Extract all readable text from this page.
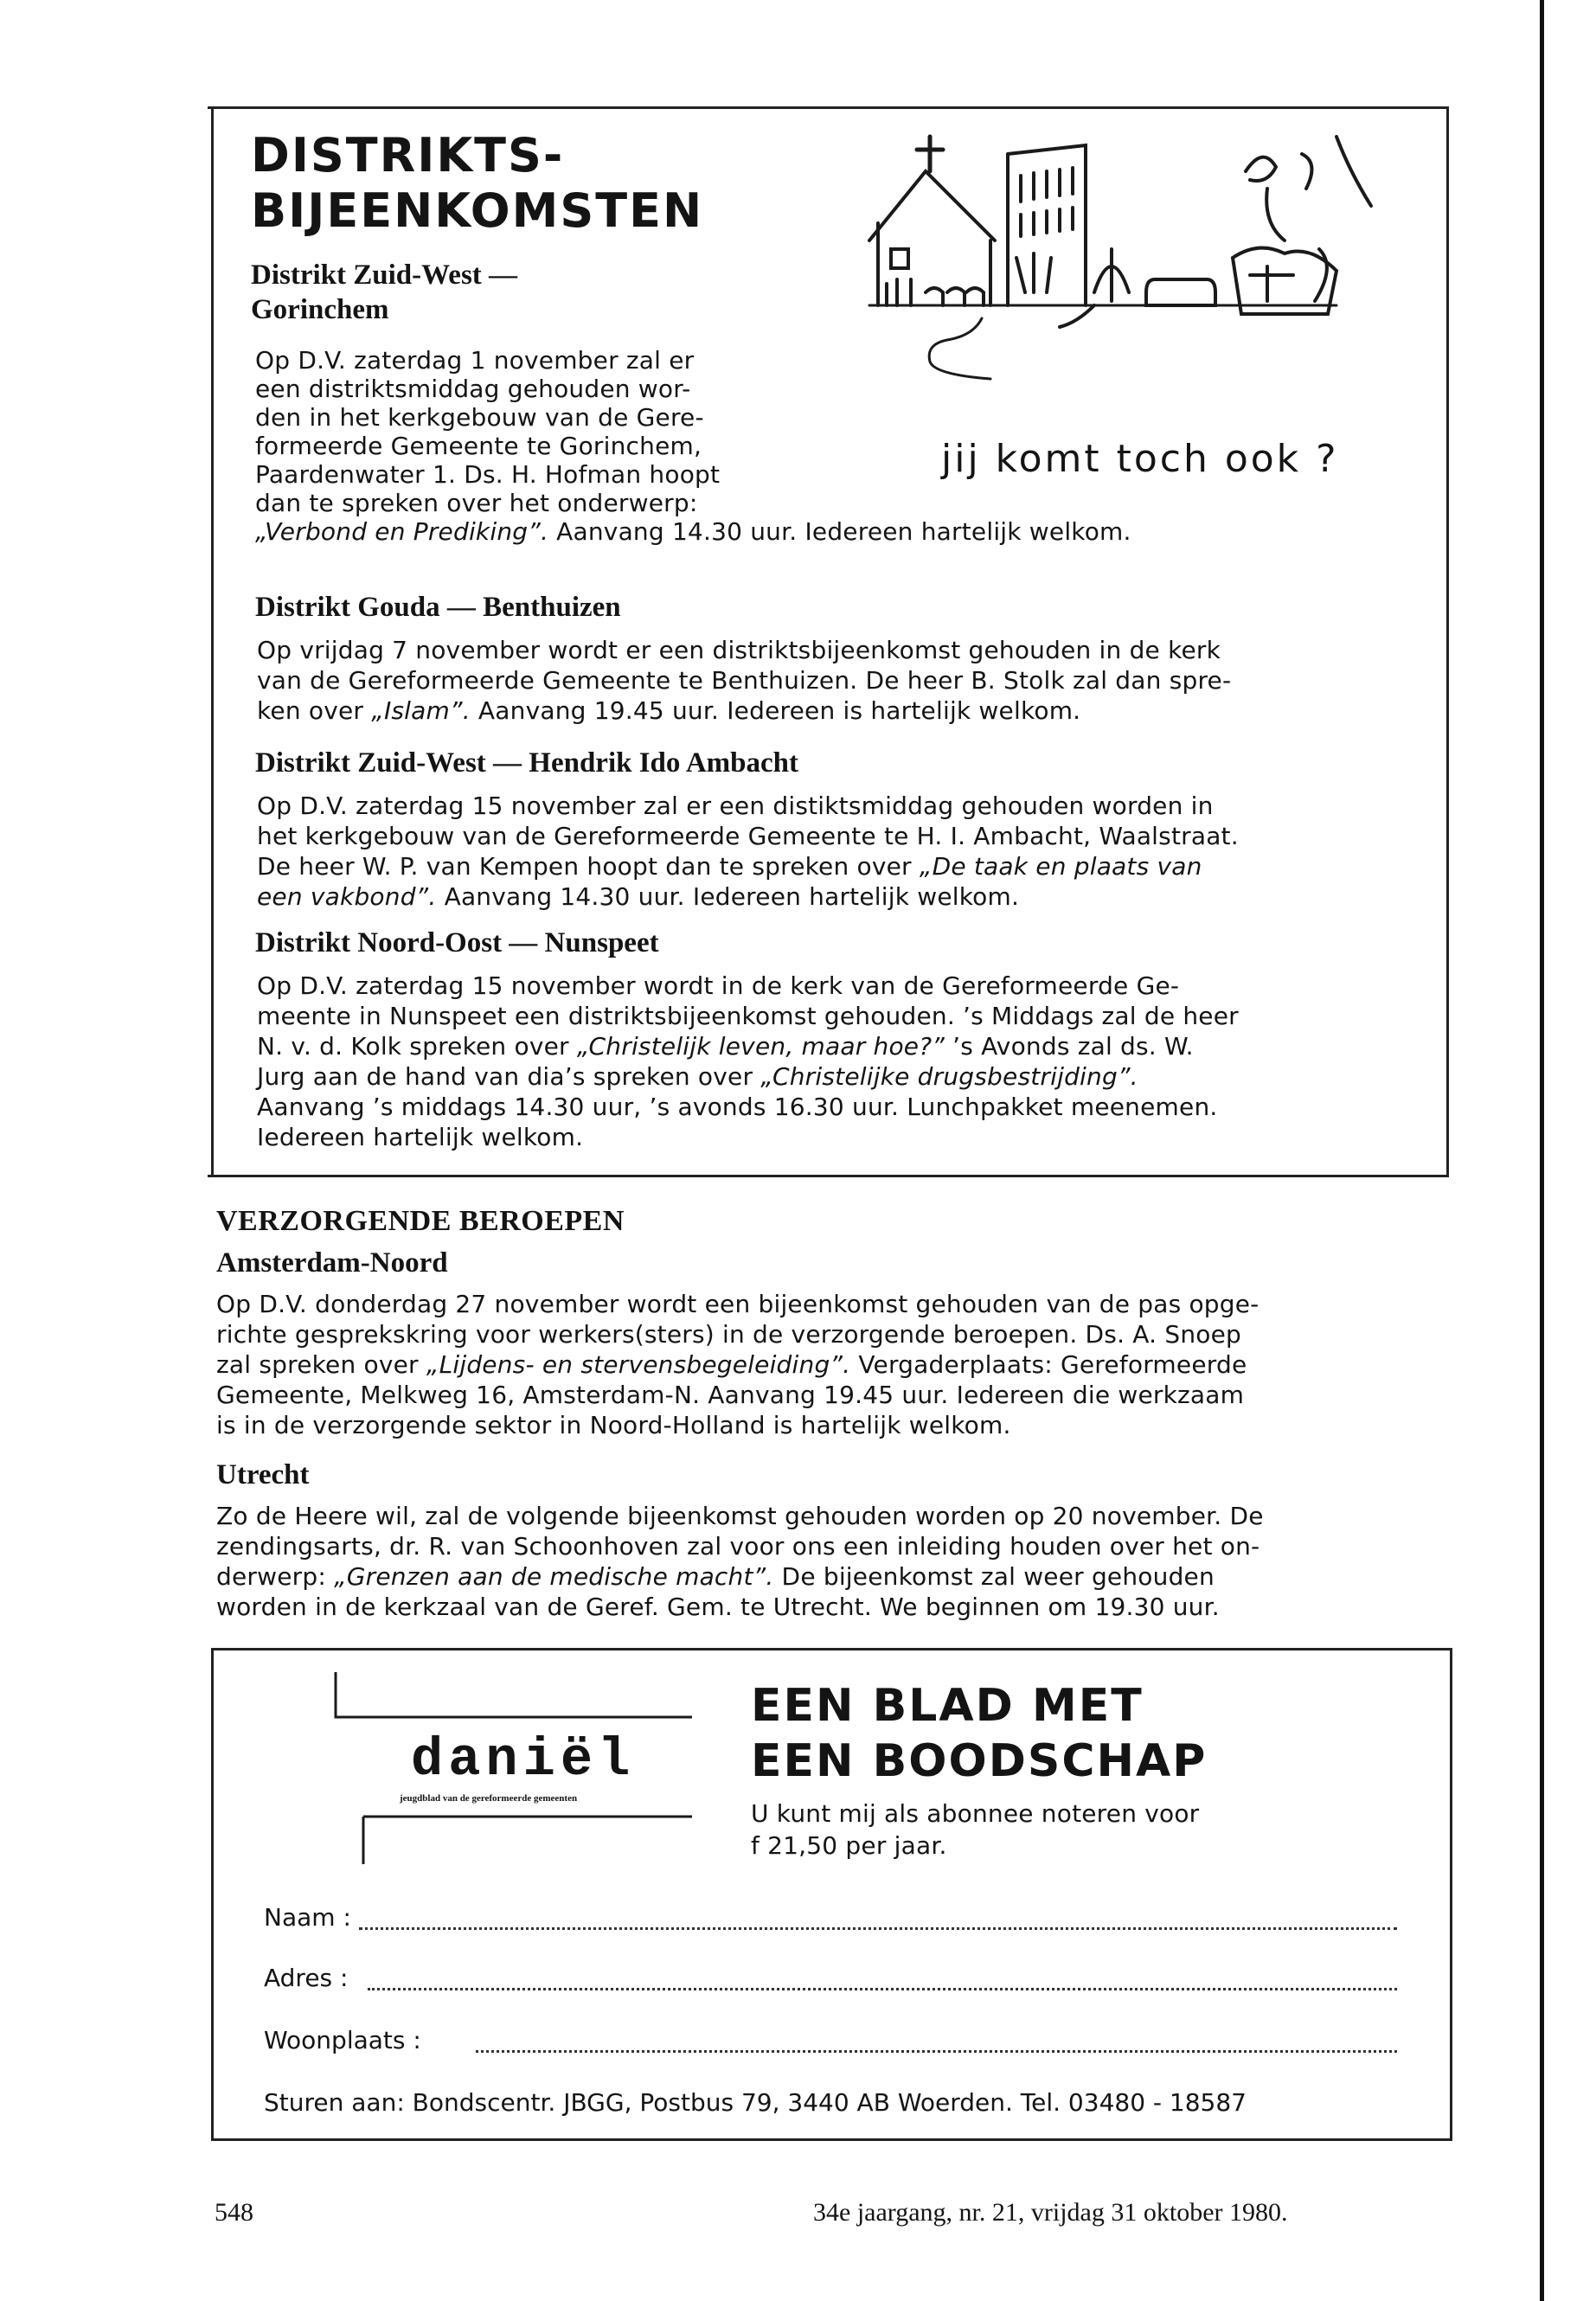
DISTRIKTS-
BIJEENKOMSTEN
jij komt toch ook ?
Distrikt Zuid-West —
Gorinchem
Op D.V. zaterdag 1 november zal er
een distriktsmiddag gehouden wor-
den in het kerkgebouw van de Gere-
formeerde Gemeente te Gorinchem,
Paardenwater 1. Ds. H. Hofman hoopt
dan te spreken over het onderwerp:
„Verbond en Prediking”. Aanvang 14.30 uur. Iedereen hartelijk welkom.
Distrikt Gouda — Benthuizen
Op vrijdag 7 november wordt er een distriktsbijeenkomst gehouden in de kerk
van de Gereformeerde Gemeente te Benthuizen. De heer B. Stolk zal dan spre-
ken over „Islam”. Aanvang 19.45 uur. Iedereen is hartelijk welkom.
Distrikt Zuid-West — Hendrik Ido Ambacht
Op D.V. zaterdag 15 november zal er een distiktsmiddag gehouden worden in
het kerkgebouw van de Gereformeerde Gemeente te H. I. Ambacht, Waalstraat.
De heer W. P. van Kempen hoopt dan te spreken over „De taak en plaats van
een vakbond”. Aanvang 14.30 uur. Iedereen hartelijk welkom.
Distrikt Noord-Oost — Nunspeet
Op D.V. zaterdag 15 november wordt in de kerk van de Gereformeerde Ge-
meente in Nunspeet een distriktsbijeenkomst gehouden. ’s Middags zal de heer
N. v. d. Kolk spreken over „Christelijk leven, maar hoe?” ’s Avonds zal ds. W.
Jurg aan de hand van dia’s spreken over „Christelijke drugsbestrijding”.
Aanvang ’s middags 14.30 uur, ’s avonds 16.30 uur. Lunchpakket meenemen.
Iedereen hartelijk welkom.
VERZORGENDE BEROEPEN
Amsterdam-Noord
Op D.V. donderdag 27 november wordt een bijeenkomst gehouden van de pas opge-
richte gesprekskring voor werkers(sters) in de verzorgende beroepen. Ds. A. Snoep
zal spreken over „Lijdens- en stervensbegeleiding”. Vergaderplaats: Gereformeerde
Gemeente, Melkweg 16, Amsterdam-N. Aanvang 19.45 uur. Iedereen die werkzaam
is in de verzorgende sektor in Noord-Holland is hartelijk welkom.
Utrecht
Zo de Heere wil, zal de volgende bijeenkomst gehouden worden op 20 november. De
zendingsarts, dr. R. van Schoonhoven zal voor ons een inleiding houden over het on-
derwerp: „Grenzen aan de medische macht”. De bijeenkomst zal weer gehouden
worden in de kerkzaal van de Geref. Gem. te Utrecht. We beginnen om 19.30 uur.
daniël
jeugdblad van de gereformeerde gemeenten
EEN BLAD MET
EEN BOODSCHAP
U kunt mij als abonnee noteren voor
f 21,50 per jaar.
Naam :
Adres :
Woonplaats :
Sturen aan: Bondscentr. JBGG, Postbus 79, 3440 AB Woerden. Tel. 03480 - 18587
548	34e jaargang, nr. 21, vrijdag 31 oktober 1980.
